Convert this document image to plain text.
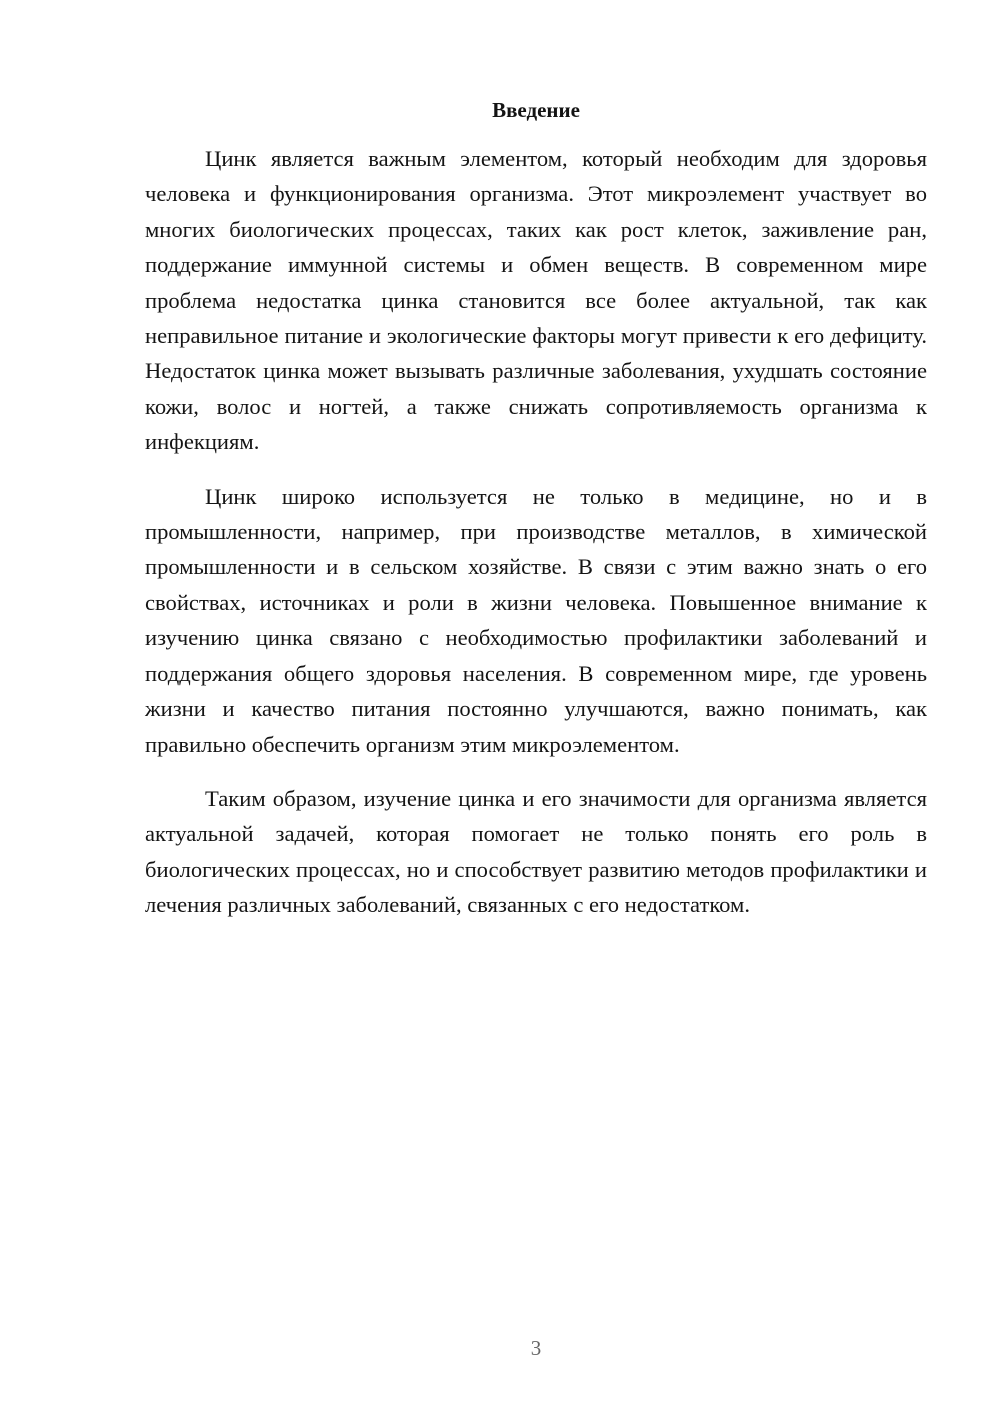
Введение

Цинк является важным элементом, который необходим для здоровья человека и функционирования организма. Этот микроэлемент участвует во многих биологических процессах, таких как рост клеток, заживление ран, поддержание иммунной системы и обмен веществ. В современном мире проблема недостатка цинка становится все более актуальной, так как неправильное питание и экологические факторы могут привести к его дефициту. Недостаток цинка может вызывать различные заболевания, ухудшать состояние кожи, волос и ногтей, а также снижать сопротивляемость организма к инфекциям.

Цинк широко используется не только в медицине, но и в промышленности, например, при производстве металлов, в химической промышленности и в сельском хозяйстве. В связи с этим важно знать о его свойствах, источниках и роли в жизни человека. Повышенное внимание к изучению цинка связано с необходимостью профилактики заболеваний и поддержания общего здоровья населения. В современном мире, где уровень жизни и качество питания постоянно улучшаются, важно понимать, как правильно обеспечить организм этим микроэлементом.

Таким образом, изучение цинка и его значимости для организма является актуальной задачей, которая помогает не только понять его роль в биологических процессах, но и способствует развитию методов профилактики и лечения различных заболеваний, связанных с его недостатком.

3
